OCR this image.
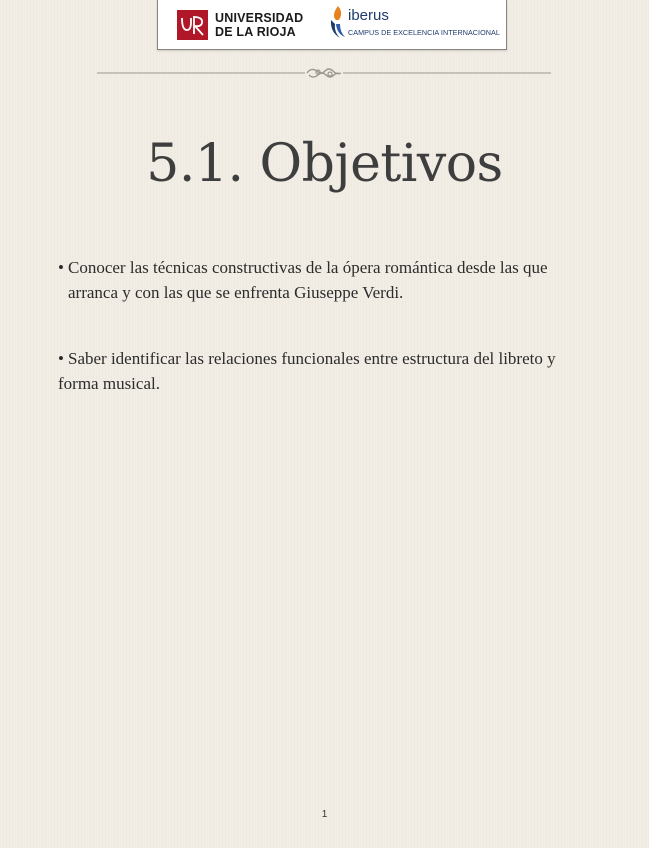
UNIVERSIDAD
DE LA RIOJA
iberus
CAMPUS DE EXCELENCIA INTERNACIONAL
5.1. Objetivos
• Conocer las técnicas constructivas de la ópera romántica desde las que arranca y con las que se enfrenta Giuseppe Verdi.
• Saber identificar las relaciones funcionales entre estructura del libreto y forma musical.
1
